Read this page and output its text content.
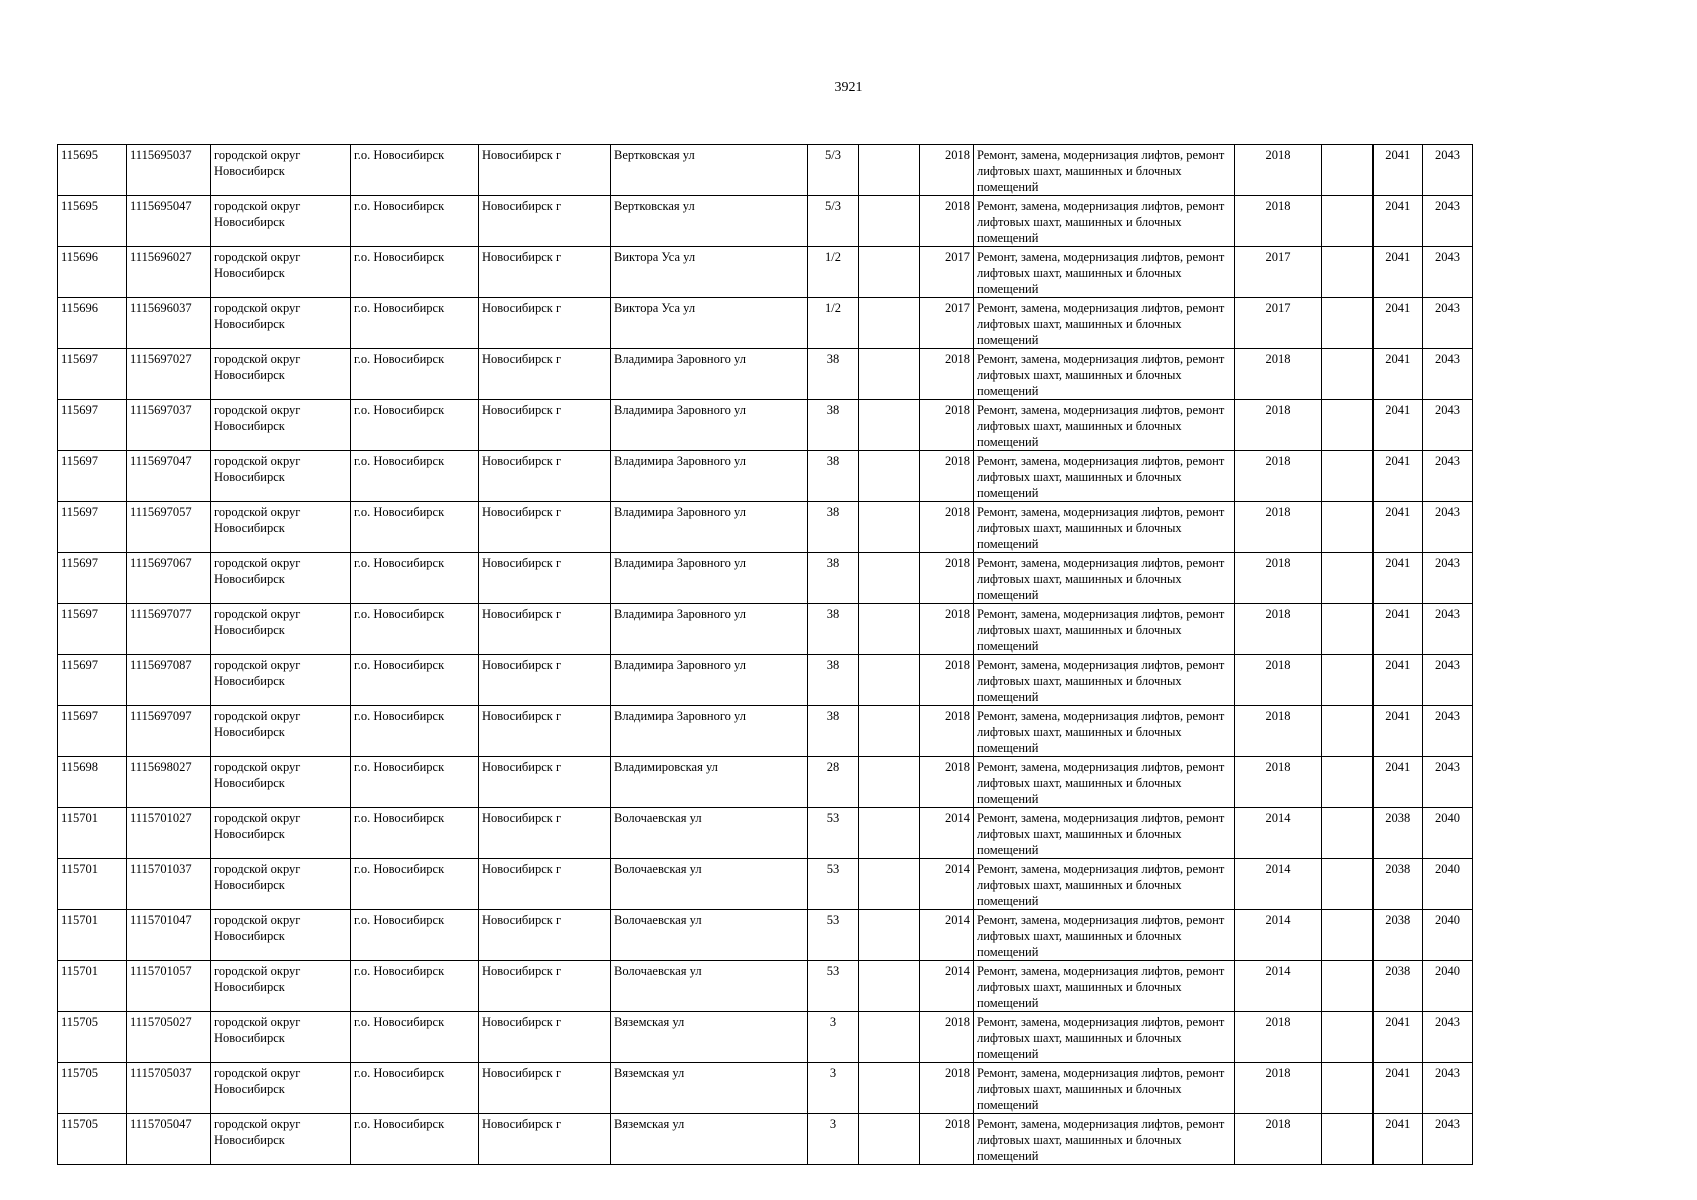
3921
115695	1115695037	городской округ Новосибирск	г.о. Новосибирск	Новосибирск г	Вертковская ул	5/3		2018	Ремонт, замена, модернизация лифтов, ремонт лифтовых шахт, машинных и блочных помещений	2018		2041	2043
115695	1115695047	городской округ Новосибирск	г.о. Новосибирск	Новосибирск г	Вертковская ул	5/3		2018	Ремонт, замена, модернизация лифтов, ремонт лифтовых шахт, машинных и блочных помещений	2018		2041	2043
115696	1115696027	городской округ Новосибирск	г.о. Новосибирск	Новосибирск г	Виктора Уса ул	1/2		2017	Ремонт, замена, модернизация лифтов, ремонт лифтовых шахт, машинных и блочных помещений	2017		2041	2043
115696	1115696037	городской округ Новосибирск	г.о. Новосибирск	Новосибирск г	Виктора Уса ул	1/2		2017	Ремонт, замена, модернизация лифтов, ремонт лифтовых шахт, машинных и блочных помещений	2017		2041	2043
115697	1115697027	городской округ Новосибирск	г.о. Новосибирск	Новосибирск г	Владимира Заровного ул	38		2018	Ремонт, замена, модернизация лифтов, ремонт лифтовых шахт, машинных и блочных помещений	2018		2041	2043
115697	1115697037	городской округ Новосибирск	г.о. Новосибирск	Новосибирск г	Владимира Заровного ул	38		2018	Ремонт, замена, модернизация лифтов, ремонт лифтовых шахт, машинных и блочных помещений	2018		2041	2043
115697	1115697047	городской округ Новосибирск	г.о. Новосибирск	Новосибирск г	Владимира Заровного ул	38		2018	Ремонт, замена, модернизация лифтов, ремонт лифтовых шахт, машинных и блочных помещений	2018		2041	2043
115697	1115697057	городской округ Новосибирск	г.о. Новосибирск	Новосибирск г	Владимира Заровного ул	38		2018	Ремонт, замена, модернизация лифтов, ремонт лифтовых шахт, машинных и блочных помещений	2018		2041	2043
115697	1115697067	городской округ Новосибирск	г.о. Новосибирск	Новосибирск г	Владимира Заровного ул	38		2018	Ремонт, замена, модернизация лифтов, ремонт лифтовых шахт, машинных и блочных помещений	2018		2041	2043
115697	1115697077	городской округ Новосибирск	г.о. Новосибирск	Новосибирск г	Владимира Заровного ул	38		2018	Ремонт, замена, модернизация лифтов, ремонт лифтовых шахт, машинных и блочных помещений	2018		2041	2043
115697	1115697087	городской округ Новосибирск	г.о. Новосибирск	Новосибирск г	Владимира Заровного ул	38		2018	Ремонт, замена, модернизация лифтов, ремонт лифтовых шахт, машинных и блочных помещений	2018		2041	2043
115697	1115697097	городской округ Новосибирск	г.о. Новосибирск	Новосибирск г	Владимира Заровного ул	38		2018	Ремонт, замена, модернизация лифтов, ремонт лифтовых шахт, машинных и блочных помещений	2018		2041	2043
115698	1115698027	городской округ Новосибирск	г.о. Новосибирск	Новосибирск г	Владимировская ул	28		2018	Ремонт, замена, модернизация лифтов, ремонт лифтовых шахт, машинных и блочных помещений	2018		2041	2043
115701	1115701027	городской округ Новосибирск	г.о. Новосибирск	Новосибирск г	Волочаевская ул	53		2014	Ремонт, замена, модернизация лифтов, ремонт лифтовых шахт, машинных и блочных помещений	2014		2038	2040
115701	1115701037	городской округ Новосибирск	г.о. Новосибирск	Новосибирск г	Волочаевская ул	53		2014	Ремонт, замена, модернизация лифтов, ремонт лифтовых шахт, машинных и блочных помещений	2014		2038	2040
115701	1115701047	городской округ Новосибирск	г.о. Новосибирск	Новосибирск г	Волочаевская ул	53		2014	Ремонт, замена, модернизация лифтов, ремонт лифтовых шахт, машинных и блочных помещений	2014		2038	2040
115701	1115701057	городской округ Новосибирск	г.о. Новосибирск	Новосибирск г	Волочаевская ул	53		2014	Ремонт, замена, модернизация лифтов, ремонт лифтовых шахт, машинных и блочных помещений	2014		2038	2040
115705	1115705027	городской округ Новосибирск	г.о. Новосибирск	Новосибирск г	Вяземская ул	3		2018	Ремонт, замена, модернизация лифтов, ремонт лифтовых шахт, машинных и блочных помещений	2018		2041	2043
115705	1115705037	городской округ Новосибирск	г.о. Новосибирск	Новосибирск г	Вяземская ул	3		2018	Ремонт, замена, модернизация лифтов, ремонт лифтовых шахт, машинных и блочных помещений	2018		2041	2043
115705	1115705047	городской округ Новосибирск	г.о. Новосибирск	Новосибирск г	Вяземская ул	3		2018	Ремонт, замена, модернизация лифтов, ремонт лифтовых шахт, машинных и блочных помещений	2018		2041	2043
